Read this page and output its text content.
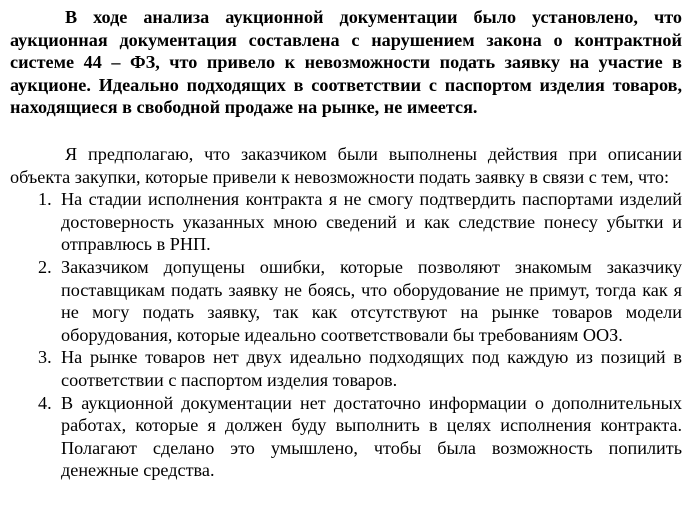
В ходе анализа аукционной документации было установлено, что аукционная документация составлена с нарушением закона о контрактной системе 44 – ФЗ, что привело к невозможности подать заявку на участие в аукционе. Идеально подходящих в соответствии с паспортом изделия товаров, находящиеся в свободной продаже на рынке, не имеется.

Я предполагаю, что заказчиком были выполнены действия при описании объекта закупки, которые привели к невозможности подать заявку в связи с тем, что:

1. На стадии исполнения контракта я не смогу подтвердить паспортами изделий достоверность указанных мною сведений и как следствие понесу убытки и отправлюсь в РНП.
2. Заказчиком допущены ошибки, которые позволяют знакомым заказчику поставщикам подать заявку не боясь, что оборудование не примут, тогда как я не могу подать заявку, так как отсутствуют на рынке товаров модели оборудования, которые идеально соответствовали бы требованиям ООЗ.
3. На рынке товаров нет двух идеально подходящих под каждую из позиций в соответствии с паспортом изделия товаров.
4. В аукционной документации нет достаточно информации о дополнительных работах, которые я должен буду выполнить в целях исполнения контракта. Полагают сделано это умышлено, чтобы была возможность попилить денежные средства.
